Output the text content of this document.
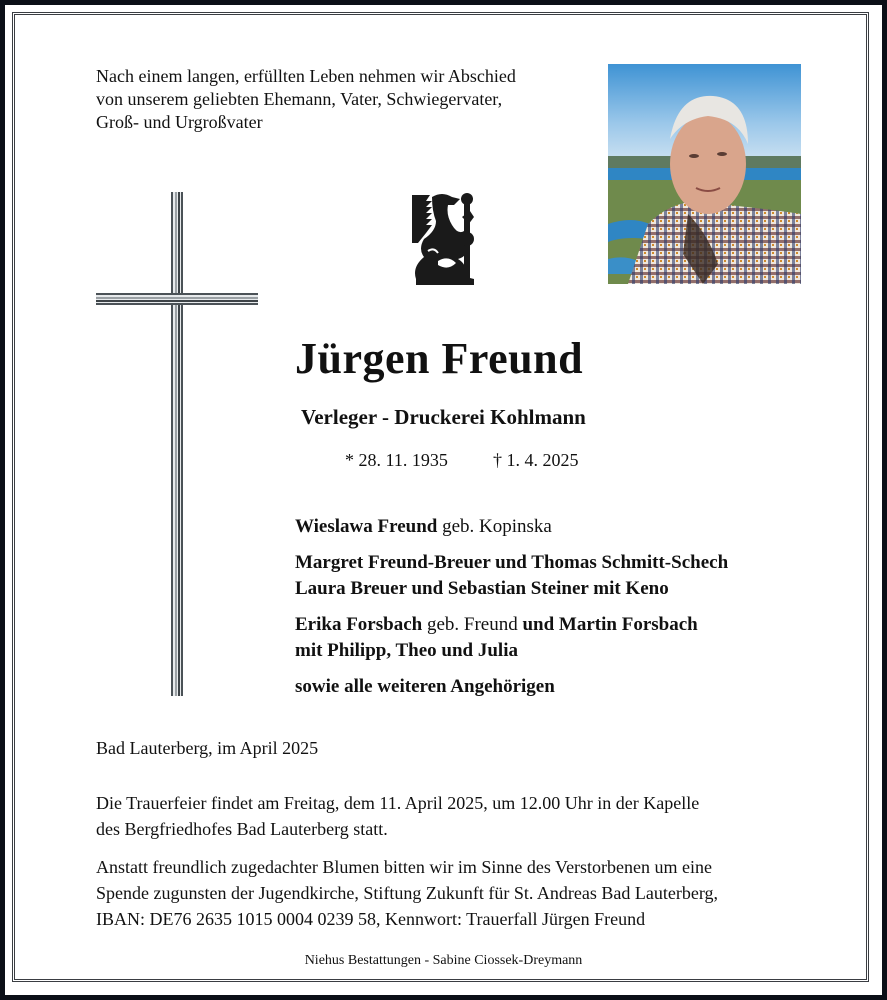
Nach einem langen, erfüllten Leben nehmen wir Abschied
von unserem geliebten Ehemann, Vater, Schwiegervater,
Groß- und Urgroßvater
Jürgen Freund
Verleger - Druckerei Kohlmann
* 28. 11. 1935	† 1. 4. 2025

Wieslawa Freund geb. Kopinska

Margret Freund-Breuer und Thomas Schmitt-Schech
Laura Breuer und Sebastian Steiner mit Keno

Erika Forsbach geb. Freund und Martin Forsbach
mit Philipp, Theo und Julia

sowie alle weiteren Angehörigen

Bad Lauterberg, im April 2025
Die Trauerfeier findet am Freitag, dem 11. April 2025, um 12.00 Uhr in der Kapelle
des Bergfriedhofes Bad Lauterberg statt.
Anstatt freundlich zugedachter Blumen bitten wir im Sinne des Verstorbenen um eine
Spende zugunsten der Jugendkirche, Stiftung Zukunft für St. Andreas Bad Lauterberg,
IBAN: DE76 2635 1015 0004 0239 58, Kennwort: Trauerfall Jürgen Freund
Niehus Bestattungen - Sabine Ciossek-Dreymann
